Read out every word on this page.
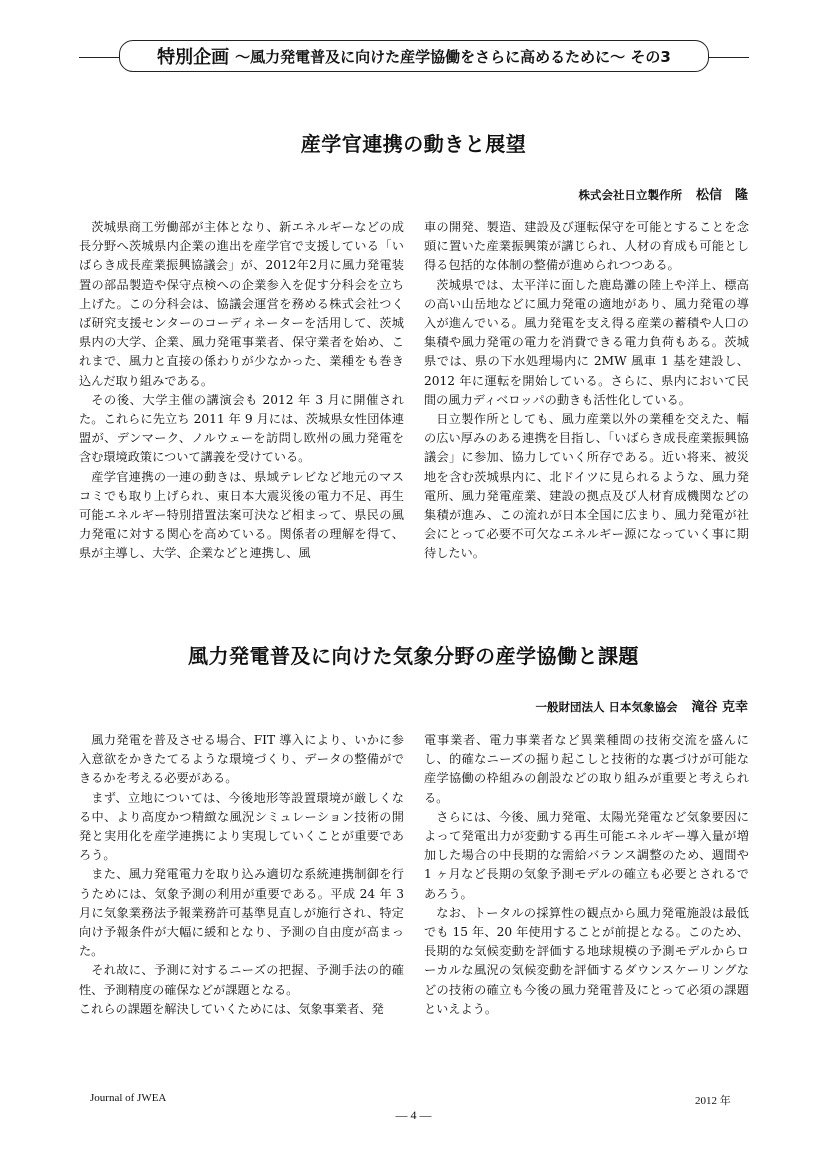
特別企画 ～風力発電普及に向けた産学協働をさらに高めるために～ その3
産学官連携の動きと展望
株式会社日立製作所 松信　隆

茨城県商工労働部が主体となり、新エネルギーなどの成長分野へ茨城県内企業の進出を産学官で支援している「いばらき成長産業振興協議会」が、2012年2月に風力発電装置の部品製造や保守点検への企業参入を促す分科会を立ち上げた。この分科会は、協議会運営を務める株式会社つくば研究支援センターのコーディネーターを活用して、茨城県内の大学、企業、風力発電事業者、保守業者を始め、これまで、風力と直接の係わりが少なかった、業種をも巻き込んだ取り組みである。

その後、大学主催の講演会も 2012 年 3 月に開催された。これらに先立ち 2011 年 9 月には、茨城県女性団体連盟が、デンマーク、ノルウェーを訪問し欧州の風力発電を含む環境政策について講義を受けている。

産学官連携の一連の動きは、県域テレビなど地元のマスコミでも取り上げられ、東日本大震災後の電力不足、再生可能エネルギー特別措置法案可決など相まって、県民の風力発電に対する関心を高めている。関係者の理解を得て、県が主導し、大学、企業などと連携し、風

車の開発、製造、建設及び運転保守を可能とすることを念頭に置いた産業振興策が講じられ、人材の育成も可能とし得る包括的な体制の整備が進められつつある。

茨城県では、太平洋に面した鹿島灘の陸上や洋上、標高の高い山岳地などに風力発電の適地があり、風力発電の導入が進んでいる。風力発電を支え得る産業の蓄積や人口の集積や風力発電の電力を消費できる電力負荷もある。茨城県では、県の下水処理場内に 2MW 風車 1 基を建設し、2012 年に運転を開始している。さらに、県内において民間の風力ディベロッパの動きも活性化している。

日立製作所としても、風力産業以外の業種を交えた、幅の広い厚みのある連携を目指し、「いばらき成長産業振興協議会」に参加、協力していく所存である。近い将来、被災地を含む茨城県内に、北ドイツに見られるような、風力発電所、風力発電産業、建設の拠点及び人材育成機関などの集積が進み、この流れが日本全国に広まり、風力発電が社会にとって必要不可欠なエネルギー源になっていく事に期待したい。

風力発電普及に向けた気象分野の産学協働と課題
一般財団法人 日本気象協会 滝谷 克幸

風力発電を普及させる場合、FIT 導入により、いかに参入意欲をかきたてるような環境づくり、データの整備ができるかを考える必要がある。

まず、立地については、今後地形等設置環境が厳しくなる中、より高度かつ精緻な風況シミュレーション技術の開発と実用化を産学連携により実現していくことが重要であろう。

また、風力発電電力を取り込み適切な系統連携制御を行うためには、気象予測の利用が重要である。平成 24 年 3 月に気象業務法予報業務許可基準見直しが施行され、特定向け予報条件が大幅に緩和となり、予測の自由度が高まった。

それ故に、予測に対するニーズの把握、予測手法の的確性、予測精度の確保などが課題となる。

これらの課題を解決していくためには、気象事業者、発

電事業者、電力事業者など異業種間の技術交流を盛んにし、的確なニーズの掘り起こしと技術的な裏づけが可能な産学協働の枠組みの創設などの取り組みが重要と考えられる。

さらには、今後、風力発電、太陽光発電など気象要因によって発電出力が変動する再生可能エネルギー導入量が増加した場合の中長期的な需給バランス調整のため、週間や 1 ヶ月など長期の気象予測モデルの確立も必要とされるであろう。

なお、トータルの採算性の観点から風力発電施設は最低でも 15 年、20 年使用することが前提となる。このため、長期的な気候変動を評価する地球規模の予測モデルからローカルな風況の気候変動を評価するダウンスケーリングなどの技術の確立も今後の風力発電普及にとって必須の課題といえよう。

Journal of JWEA	2012 年
― 4 ―
